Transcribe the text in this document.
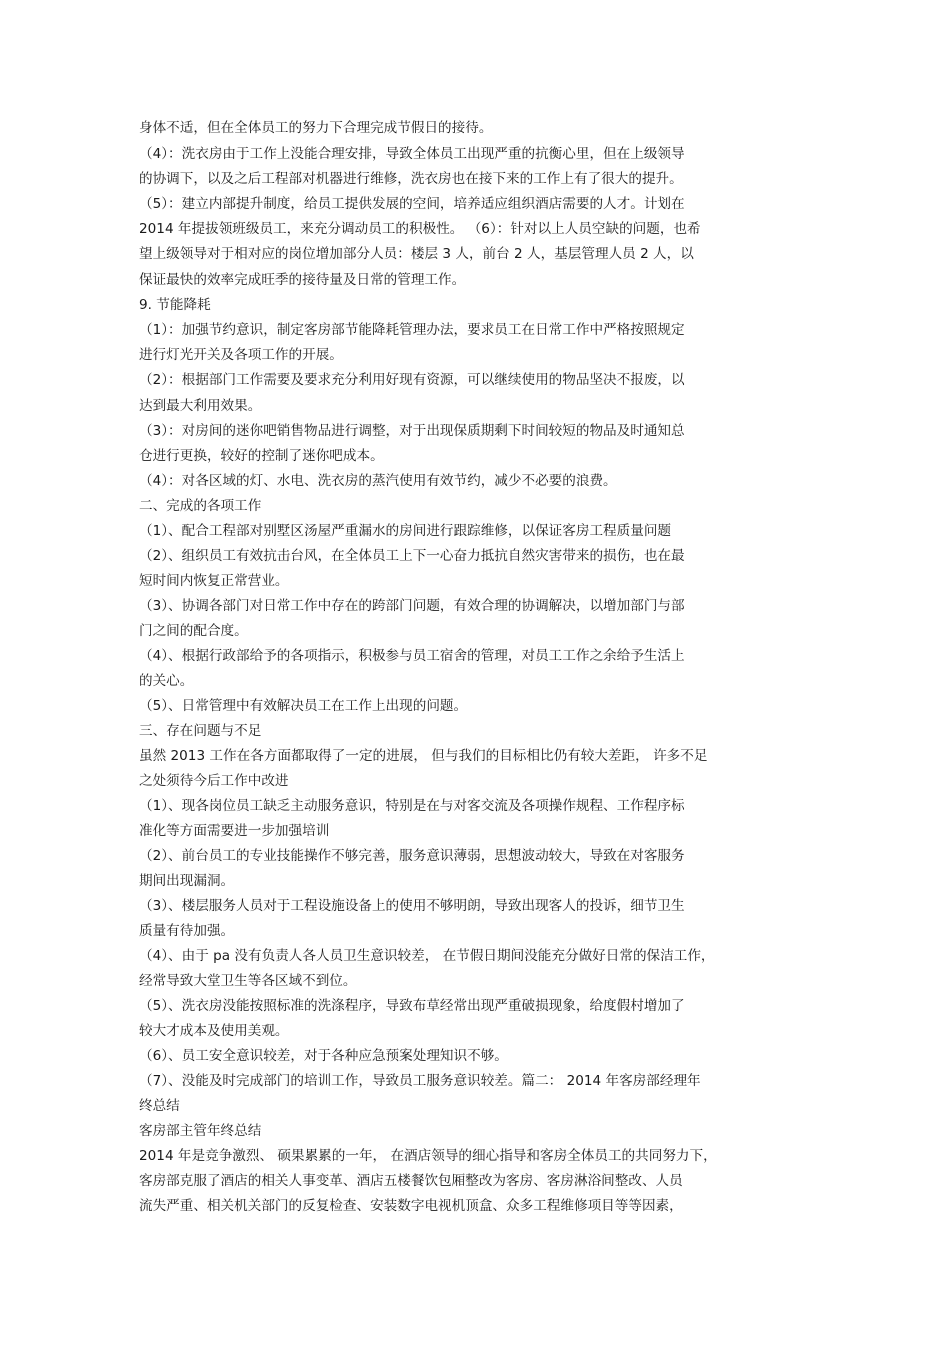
身体不适，但在全体员工的努力下合理完成节假日的接待。

（4）：洗衣房由于工作上没能合理安排，导致全体员工出现严重的抗衡心里，但在上级领导

的协调下，以及之后工程部对机器进行维修，洗衣房也在接下来的工作上有了很大的提升。

（5）：建立内部提升制度，给员工提供发展的空间，培养适应组织酒店需要的人才。计划在

2014 年提拔领班级员工，来充分调动员工的积极性。 （6）：针对以上人员空缺的问题，也希

望上级领导对于相对应的岗位增加部分人员：楼层 3 人，前台 2 人，基层管理人员 2 人，以

保证最快的效率完成旺季的接待量及日常的管理工作。

9. 节能降耗

（1）：加强节约意识，制定客房部节能降耗管理办法，要求员工在日常工作中严格按照规定

进行灯光开关及各项工作的开展。

（2）：根据部门工作需要及要求充分利用好现有资源，可以继续使用的物品坚决不报废，以

达到最大利用效果。

（3）：对房间的迷你吧销售物品进行调整，对于出现保质期剩下时间较短的物品及时通知总

仓进行更换，较好的控制了迷你吧成本。

（4）：对各区域的灯、水电、洗衣房的蒸汽使用有效节约，减少不必要的浪费。

二、完成的各项工作

（1）、配合工程部对别墅区汤屋严重漏水的房间进行跟踪维修，以保证客房工程质量问题

（2）、组织员工有效抗击台风，在全体员工上下一心奋力抵抗自然灾害带来的损伤，也在最

短时间内恢复正常营业。

（3）、协调各部门对日常工作中存在的跨部门问题，有效合理的协调解决，以增加部门与部

门之间的配合度。

（4）、根据行政部给予的各项指示，积极参与员工宿舍的管理，对员工工作之余给予生活上

的关心。

（5）、日常管理中有效解决员工在工作上出现的问题。

三、存在问题与不足

虽然 2013 工作在各方面都取得了一定的进展， 但与我们的目标相比仍有较大差距， 许多不足

之处须待今后工作中改进

（1）、现各岗位员工缺乏主动服务意识，特别是在与对客交流及各项操作规程、工作程序标

准化等方面需要进一步加强培训

（2）、前台员工的专业技能操作不够完善，服务意识薄弱，思想波动较大，导致在对客服务

期间出现漏洞。

（3）、楼层服务人员对于工程设施设备上的使用不够明朗，导致出现客人的投诉，细节卫生

质量有待加强。

（4）、由于 pa 没有负责人各人员卫生意识较差， 在节假日期间没能充分做好日常的保洁工作，

经常导致大堂卫生等各区域不到位。

（5）、洗衣房没能按照标准的洗涤程序，导致布草经常出现严重破损现象，给度假村增加了

较大才成本及使用美观。

（6）、员工安全意识较差，对于各种应急预案处理知识不够。

（7）、没能及时完成部门的培训工作，导致员工服务意识较差。篇二： 2014 年客房部经理年

终总结

客房部主管年终总结

2014 年是竞争激烈、 硕果累累的一年， 在酒店领导的细心指导和客房全体员工的共同努力下，

客房部克服了酒店的相关人事变革、酒店五楼餐饮包厢整改为客房、客房淋浴间整改、人员

流失严重、相关机关部门的反复检查、安装数字电视机顶盒、众多工程维修项目等等因素，
